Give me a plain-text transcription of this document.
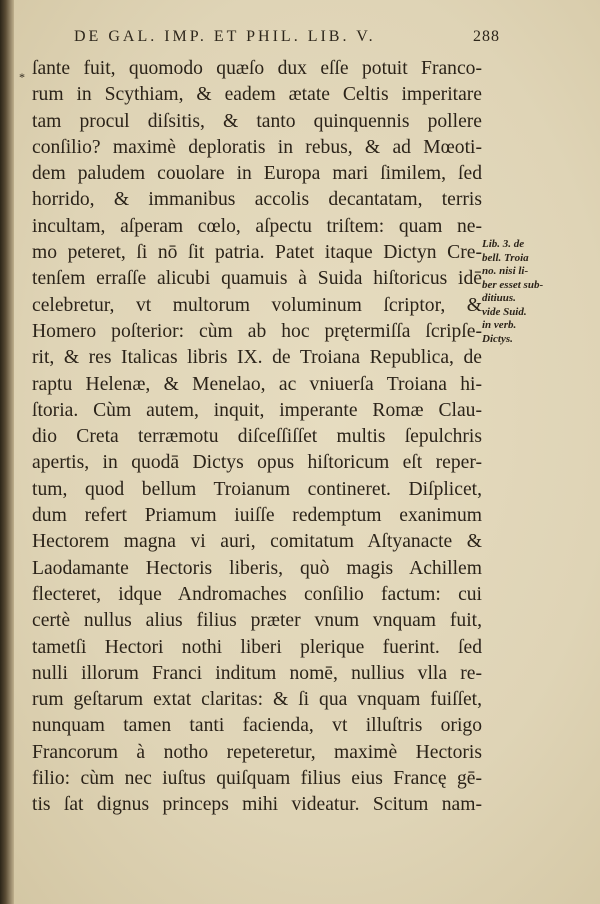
DE GAL. IMP. ET PHIL. LIB. V.	288
* ſante fuit, quomodo quæſo dux eſſe potuit Franco-
rum in Scythiam, & eadem ætate Celtis imperitare
tam procul diſsitis, & tanto quinquennis pollere
conſilio? maximè deploratis in rebus, & ad Mœoti-
dem paludem couolare in Europa mari ſimilem, ſed
horrido, & immanibus accolis decantatam, terris
incultam, aſperam cœlo, aſpectu triſtem: quam ne-
mo peteret, ſi nō ſit patria. Patet itaque Dictyn Cre-
tenſem erraſſe alicubi quamuis à Suida hiſtoricus idē
celebretur, vt multorum voluminum ſcriptor, &
Homero poſterior: cùm ab hoc prętermiſſa ſcripſe-
rit, & res Italicas libris IX. de Troiana Republica, de
raptu Helenæ, & Menelao, ac vniuerſa Troiana hi-
ſtoria. Cùm autem, inquit, imperante Romæ Clau-
dio Creta terræmotu diſceſſiſſet multis ſepulchris
apertis, in quodā Dictys opus hiſtoricum eſt reper-
tum, quod bellum Troianum contineret. Diſplicet,
dum refert Priamum iuiſſe redemptum exanimum
Hectorem magna vi auri, comitatum Aſtyanacte &
Laodamante Hectoris liberis, quò magis Achillem
flecteret, idque Andromaches conſilio factum: cui
certè nullus alius filius præter vnum vnquam fuit,
tametſi Hectori nothi liberi plerique fuerint. ſed
nulli illorum Franci inditum nomē, nullius vlla re-
rum geſtarum extat claritas: & ſi qua vnquam fuiſſet,
nunquam tamen tanti facienda, vt illuſtris origo
Francorum à notho repeteretur, maximè Hectoris
filio: cùm nec iuſtus quiſquam filius eius Francę gē-
tis ſat dignus princeps mihi videatur. Scitum nam-
Lib. 3. de
bell. Troia
no. nisi li-
ber esset sub-
ditiuus.
vide Suid.
in verb.
Dictys.
